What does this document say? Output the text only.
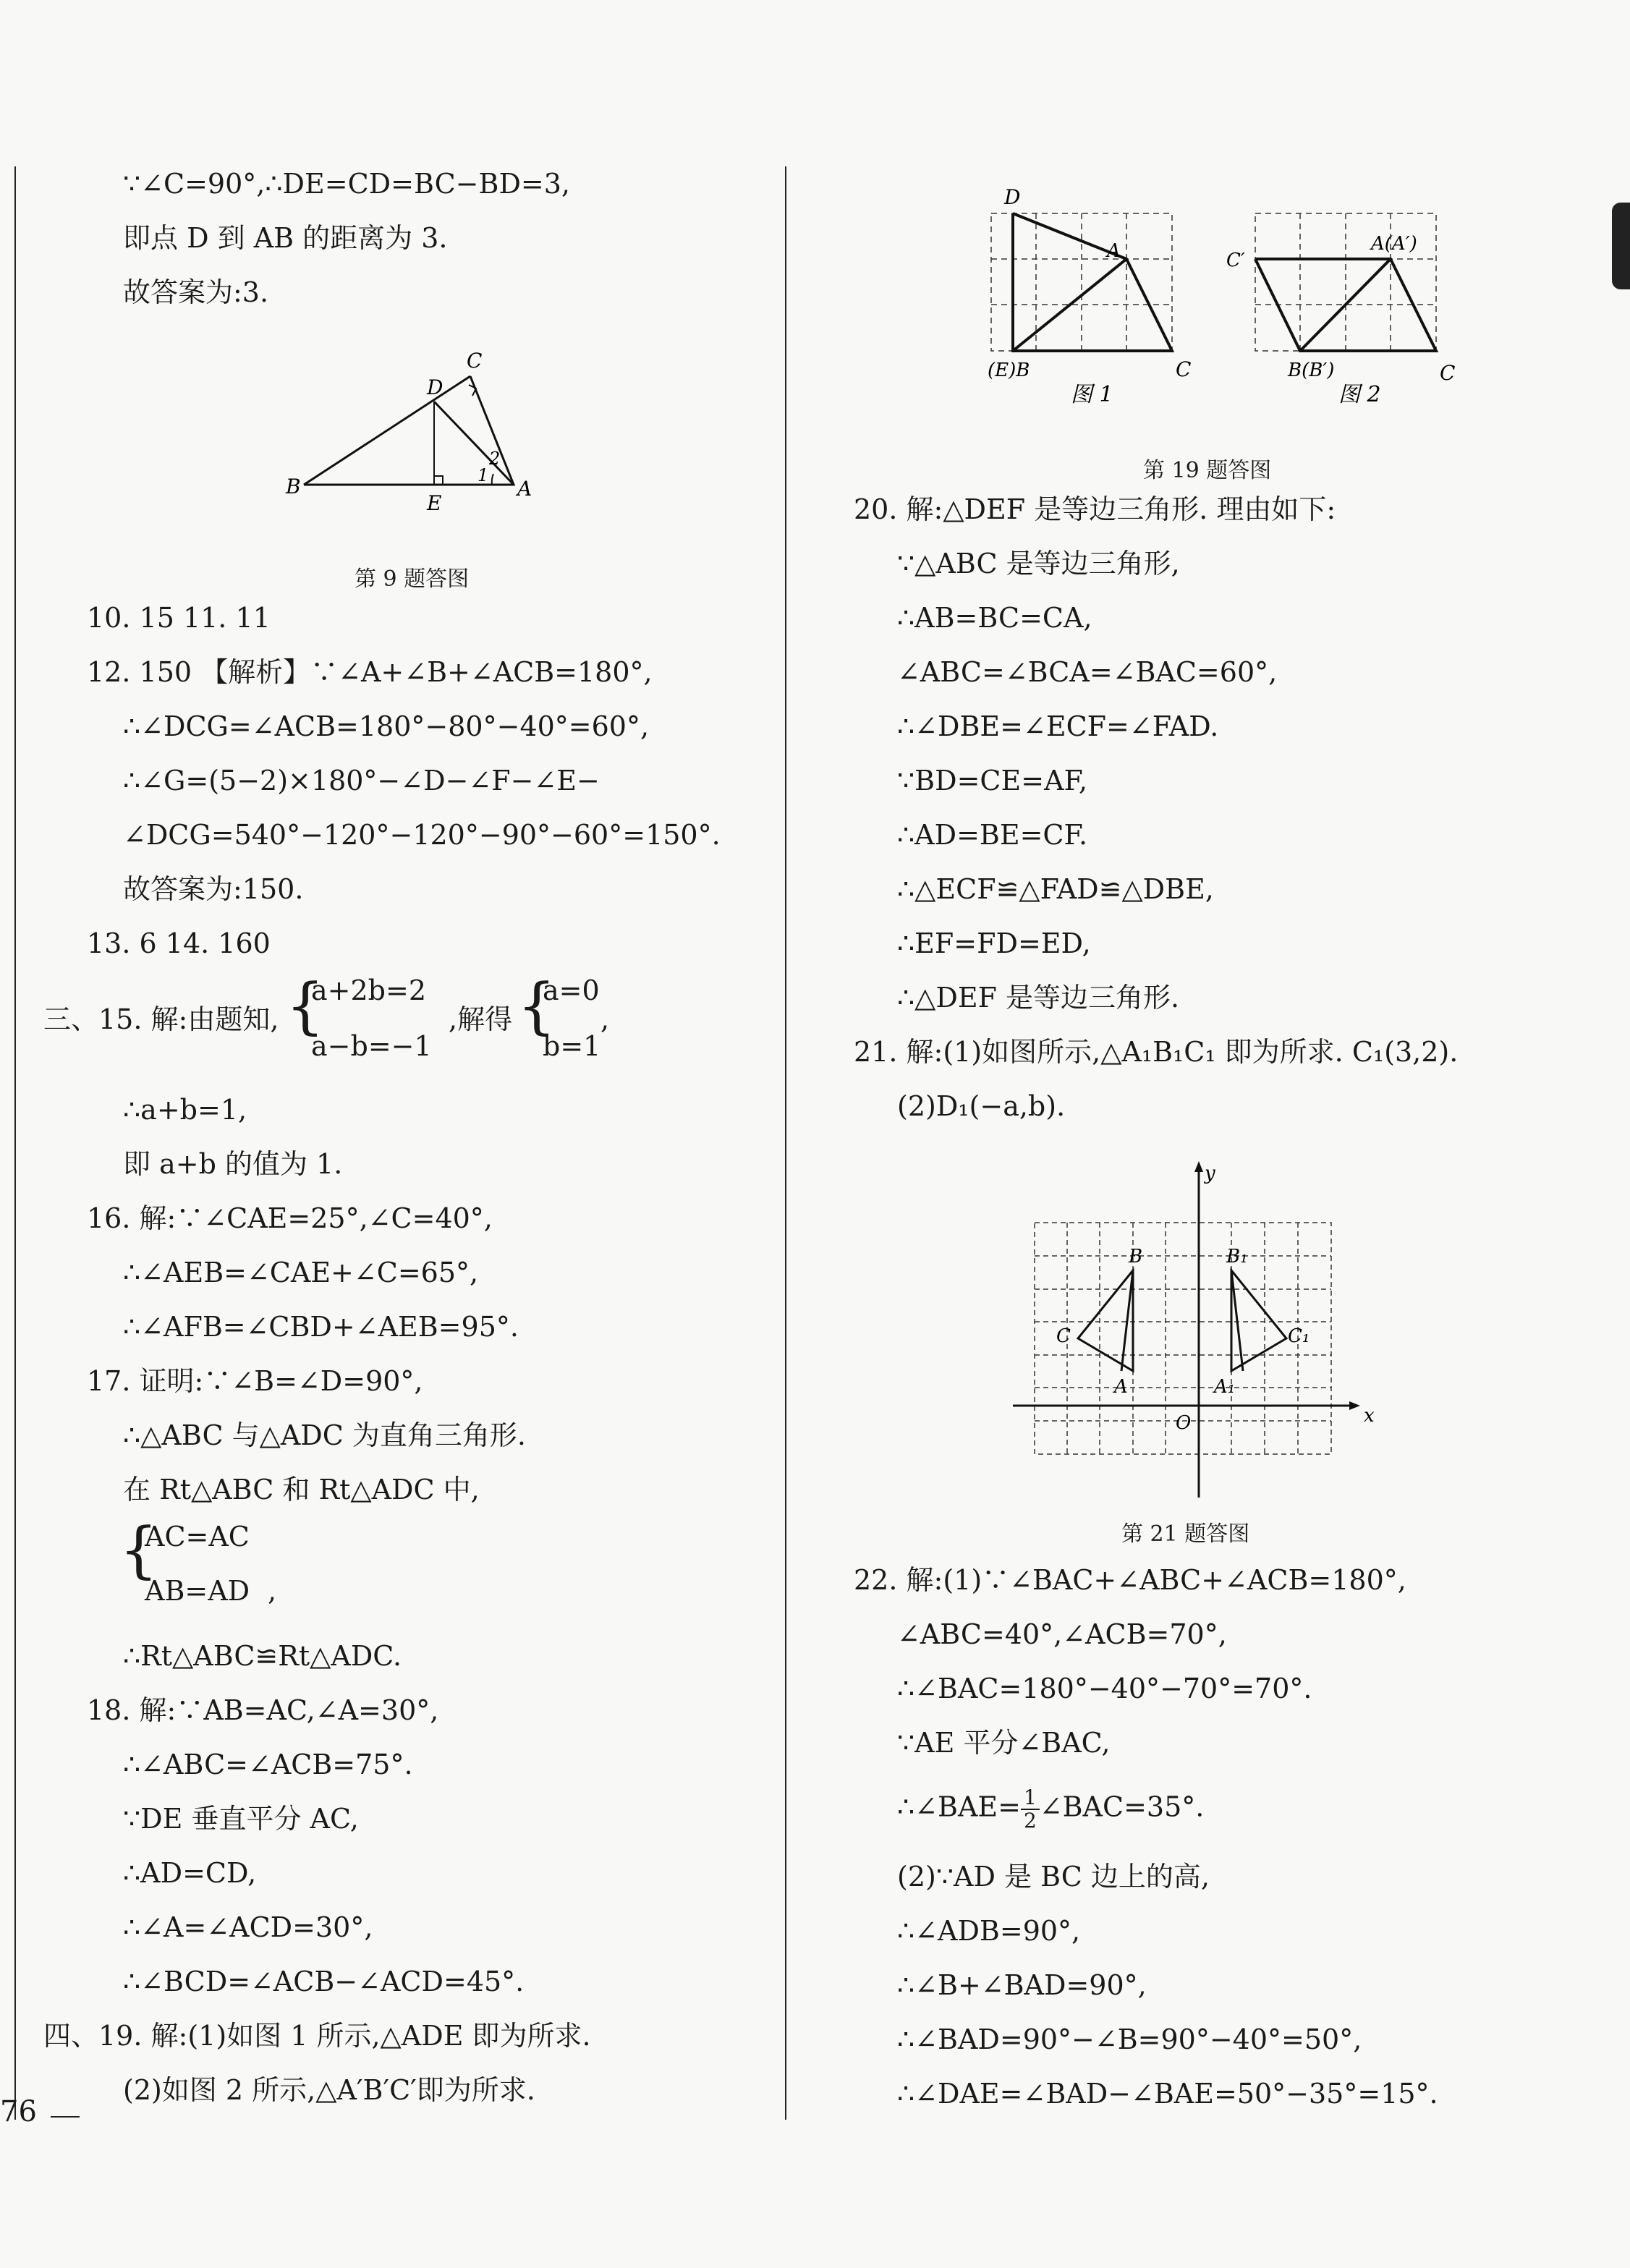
∵∠C=90°,∴DE=CD=BC−BD=3,
即点 D 到 AB 的距离为 3.
故答案为:3.
C
D
B
E
A
1
2
第 9 题答图
10. 15 11. 11
12. 150 【解析】∵∠A+∠B+∠ACB=180°,
∴∠DCG=∠ACB=180°−80°−40°=60°,
∴∠G=(5−2)×180°−∠D−∠F−∠E−
∠DCG=540°−120°−120°−90°−60°=150°.
故答案为:150.
13. 6 14. 160
三、15. 解:由题知, {
a+2b=2
a−b=−1
,解得 {
a=0
b=1
,
∴a+b=1,
即 a+b 的值为 1.
16. 解:∵∠CAE=25°,∠C=40°,
∴∠AEB=∠CAE+∠C=65°,
∴∠AFB=∠CBD+∠AEB=95°.
17. 证明:∵∠B=∠D=90°,
∴△ABC 与△ADC 为直角三角形.
在 Rt△ABC 和 Rt△ADC 中,
{
AC=AC
AB=AD ,
∴Rt△ABC≌Rt△ADC.
18. 解:∵AB=AC,∠A=30°,
∴∠ABC=∠ACB=75°.
∵DE 垂直平分 AC,
∴AD=CD,
∴∠A=∠ACD=30°,
∴∠BCD=∠ACB−∠ACD=45°.
四、19. 解:(1)如图 1 所示,△ADE 即为所求.
(2)如图 2 所示,△A′B′C′即为所求.
76
D
A
(E)B	C
图 1
C′
A(A′)
B(B′)	C
图 2
第 19 题答图
20. 解:△DEF 是等边三角形. 理由如下:
∵△ABC 是等边三角形,
∴AB=BC=CA,
∠ABC=∠BCA=∠BAC=60°,
∴∠DBE=∠ECF=∠FAD.
∵BD=CE=AF,
∴AD=BE=CF.
∴△ECF≌△FAD≌△DBE,
∴EF=FD=ED,
∴△DEF 是等边三角形.
21. 解:(1)如图所示,△A₁B₁C₁ 即为所求. C₁(3,2).
(2)D₁(−a,b).
y
x
O
A
B
C
A₁
B₁
C₁
第 21 题答图
22. 解:(1)∵∠BAC+∠ABC+∠ACB=180°,
∠ABC=40°,∠ACB=70°,
∴∠BAC=180°−40°−70°=70°.
∵AE 平分∠BAC,
∴∠BAE= $\frac{1}{2}$ ∠BAC=35°.
(2)∵AD 是 BC 边上的高,
∴∠ADB=90°,
∴∠B+∠BAD=90°,
∴∠BAD=90°−∠B=90°−40°=50°,
∴∠DAE=∠BAD−∠BAE=50°−35°=15°.
